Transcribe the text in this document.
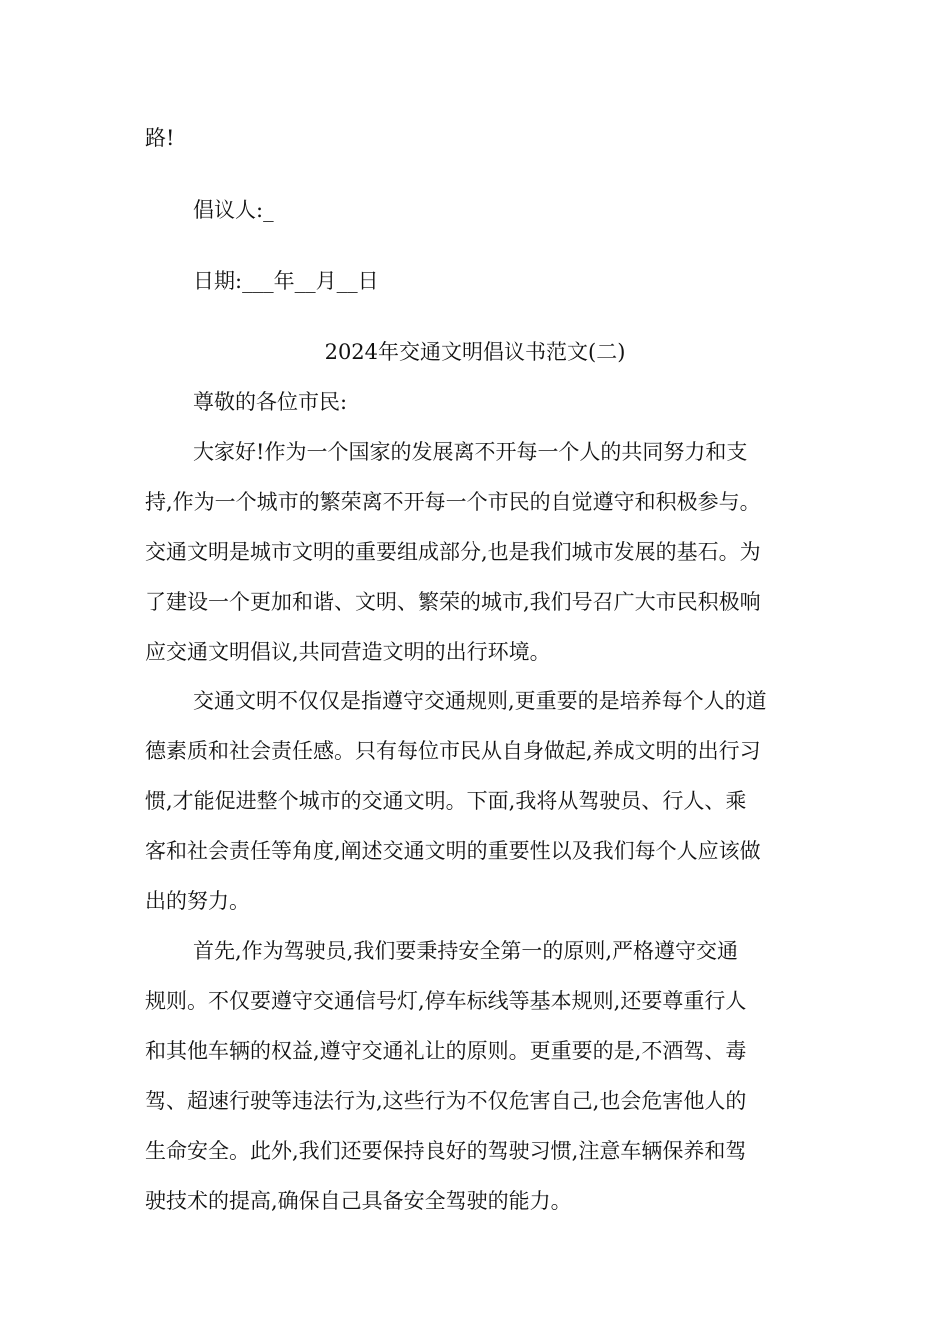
路!

倡议人:_

日期:___年__月__日

2024年交通文明倡议书范文(二)

尊敬的各位市民:

大家好!作为一个国家的发展离不开每一个人的共同努力和支

持,作为一个城市的繁荣离不开每一个市民的自觉遵守和积极参与。

交通文明是城市文明的重要组成部分,也是我们城市发展的基石。为

了建设一个更加和谐、文明、繁荣的城市,我们号召广大市民积极响

应交通文明倡议,共同营造文明的出行环境。

交通文明不仅仅是指遵守交通规则,更重要的是培养每个人的道

德素质和社会责任感。只有每位市民从自身做起,养成文明的出行习

惯,才能促进整个城市的交通文明。下面,我将从驾驶员、行人、乘

客和社会责任等角度,阐述交通文明的重要性以及我们每个人应该做

出的努力。

首先,作为驾驶员,我们要秉持安全第一的原则,严格遵守交通

规则。不仅要遵守交通信号灯,停车标线等基本规则,还要尊重行人

和其他车辆的权益,遵守交通礼让的原则。更重要的是,不酒驾、毒

驾、超速行驶等违法行为,这些行为不仅危害自己,也会危害他人的

生命安全。此外,我们还要保持良好的驾驶习惯,注意车辆保养和驾

驶技术的提高,确保自己具备安全驾驶的能力。
